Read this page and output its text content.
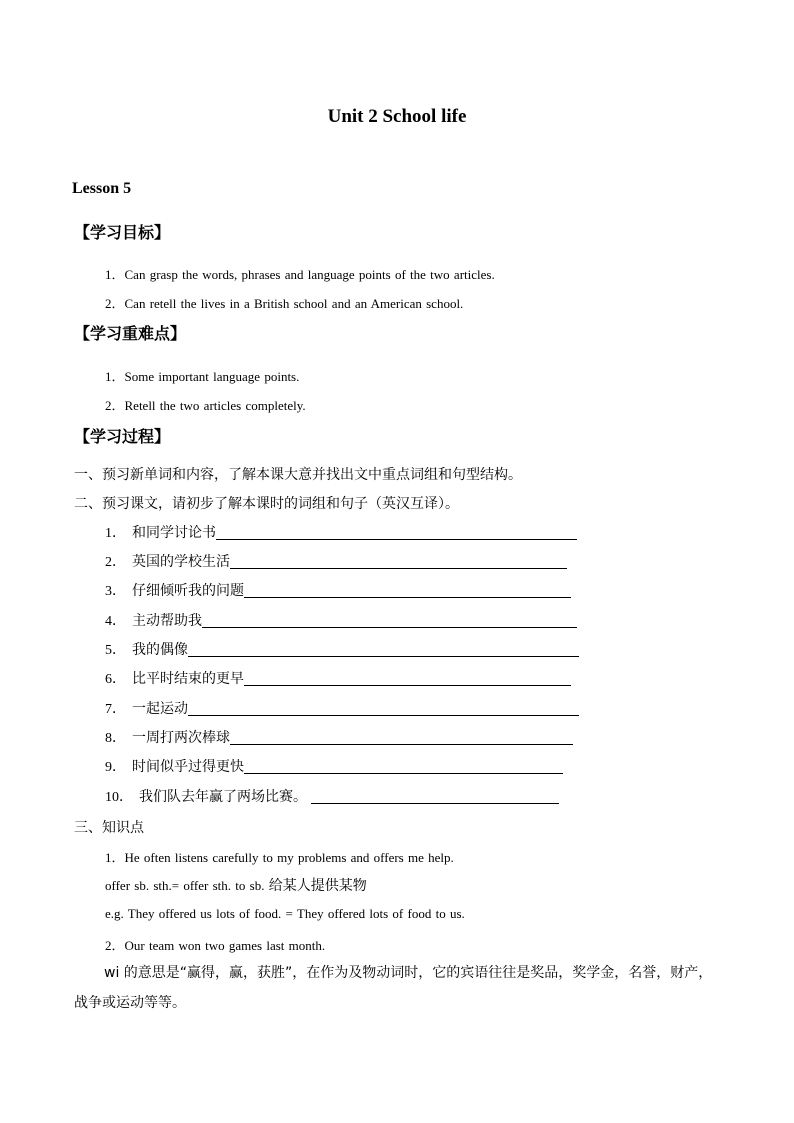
Unit 2 School life
Lesson 5
【学习目标】
1．Can grasp the words, phrases and language points of the two articles.
2．Can retell the lives in a British school and an American school.
【学习重难点】
1．Some important language points.
2．Retell the two articles completely.
【学习过程】
一、预习新单词和内容，了解本课大意并找出文中重点词组和句型结构。
二、预习课文，请初步了解本课时的词组和句子（英汉互译）。
1． 和同学讨论书
2． 英国的学校生活
3． 仔细倾听我的问题
4． 主动帮助我
5． 我的偶像
6． 比平时结束的更早
7． 一起运动
8． 一周打两次棒球
9． 时间似乎过得更快
10． 我们队去年赢了两场比赛。
三、知识点
1．He often listens carefully to my problems and offers me help.
offer sb. sth.= offer sth. to sb. 给某人提供某物
e.g. They offered us lots of food. = They offered lots of food to us.
2．Our team won two games last month.
wi 的意思是“赢得，赢，获胜”，在作为及物动词时，它的宾语往往是奖品，奖学金，名誉，财产，战争或运动等等。
